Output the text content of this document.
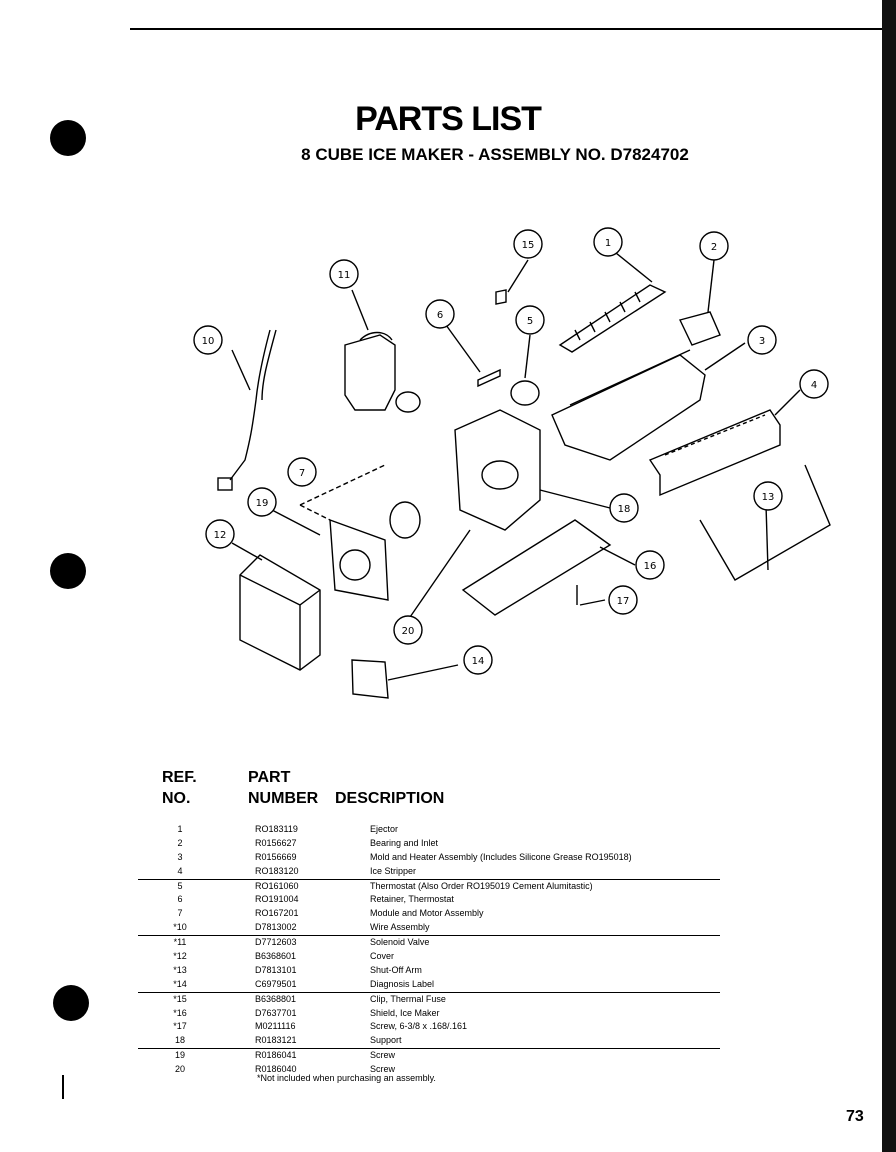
PARTS LIST
8 CUBE ICE MAKER - ASSEMBLY NO. D7824702
1	2
3
4
5
6
7
10
11
12
13
14
15
16
17
18
19
20
REF.
NO.
PART
NUMBER DESCRIPTION
1	RO183119	Ejector
2	R0156627	Bearing and Inlet
3	R0156669	Mold and Heater Assembly (Includes Silicone Grease RO195018)
4	RO183120	Ice Stripper
5	RO161060	Thermostat (Also Order RO195019 Cement Alumitastic)
6	RO191004	Retainer, Thermostat
7	RO167201	Module and Motor Assembly
*10	D7813002	Wire Assembly
*11	D7712603	Solenoid Valve
*12	B6368601	Cover
*13	D7813101	Shut-Off Arm
*14	C6979501	Diagnosis Label
*15	B6368801	Clip, Thermal Fuse
*16	D7637701	Shield, Ice Maker
*17	M0211116	Screw, 6-3/8 x .168/.161
18	R0183121	Support
19	R0186041	Screw
20	R0186040	Screw
*Not included when purchasing an assembly.
73
